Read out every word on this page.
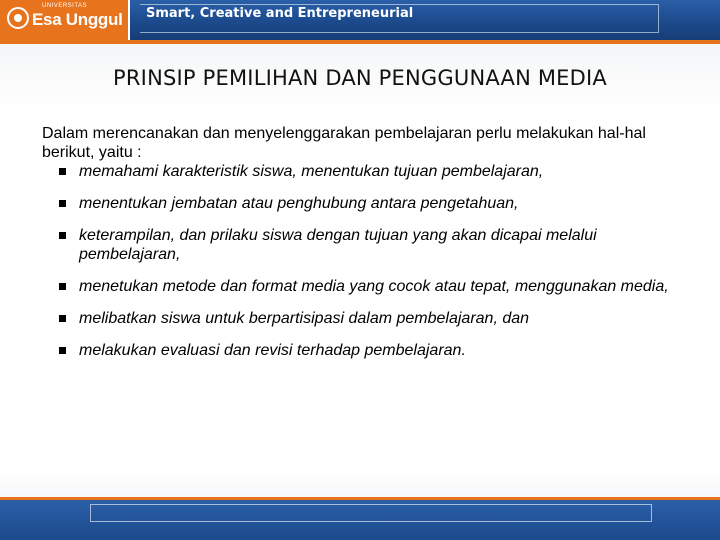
UNIVERSITAS
Esa Unggul Smart, Creative and Entrepreneurial
PRINSIP PEMILIHAN DAN PENGGUNAAN MEDIA

Dalam merencanakan dan menyelenggarakan pembelajaran perlu melakukan hal-hal berikut, yaitu :

memahami karakteristik siswa, menentukan tujuan pembelajaran,
menentukan jembatan atau penghubung antara pengetahuan,
keterampilan, dan prilaku siswa dengan tujuan yang akan dicapai melalui pembelajaran,
menetukan metode dan format media yang cocok atau tepat, menggunakan media,
melibatkan siswa untuk berpartisipasi dalam pembelajaran, dan
melakukan evaluasi dan revisi terhadap pembelajaran.
